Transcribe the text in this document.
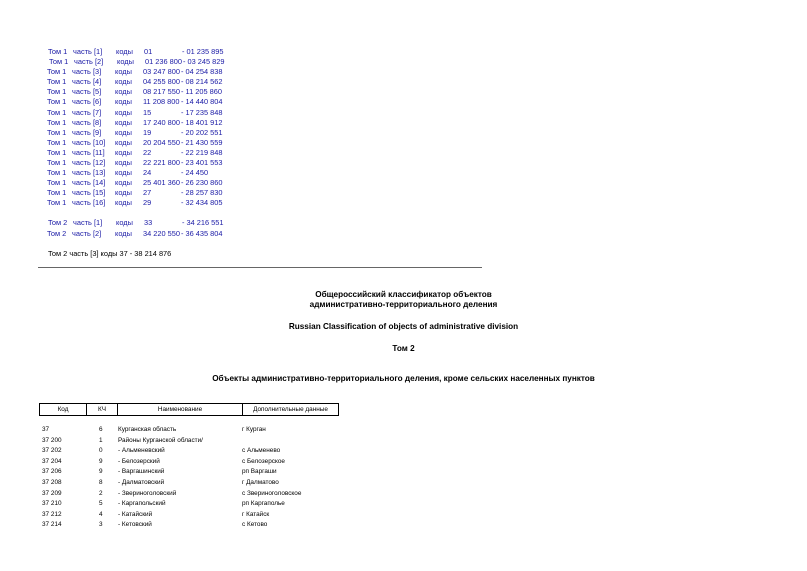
Том 1 часть [1] коды 01	- 01 235 895
Том 1 часть [2] коды 01 236 800 - 03 245 829
Том 1 часть [3] коды 03 247 800 - 04 254 838
Том 1 часть [4] коды 04 255 800 - 08 214 562
Том 1 часть [5] коды 08 217 550 - 11 205 860
Том 1 часть [6] коды 11 208 800 - 14 440 804
Том 1 часть [7] коды 15	- 17 235 848
Том 1 часть [8] коды 17 240 800 - 18 401 912
Том 1 часть [9] коды 19	- 20 202 551
Том 1 часть [10] коды 20 204 550 - 21 430 559
Том 1 часть [11] коды 22	- 22 219 848
Том 1 часть [12] коды 22 221 800 - 23 401 553
Том 1 часть [13] коды 24	- 24 450
Том 1 часть [14] коды 25 401 360 - 26 230 860
Том 1 часть [15] коды 27	- 28 257 830
Том 1 часть [16] коды 29	- 32 434 805
Том 2 часть [1] коды 33	- 34 216 551
Том 2 часть [2] коды 34 220 550 - 36 435 804
Том 2 часть [3] коды 37 - 38 214 876
Общероссийский классификатор объектов
административно-территориального деления
Russian Classification of objects of administrative division
Том 2
Объекты административно-территориального деления, кроме сельских населенных пунктов
Код	КЧ	Наименование	Дополнительные данные
37	6 Курганская область	г Курган
37 200	1 Районы Курганской области/
37 202	0 - Альменевский	с Альменево
37 204	9 - Белозерский	с Белозерское
37 206	9 - Варгашинский	рп Варгаши
37 208	8 - Далматовский	г Далматово
37 209	2 - Звериноголовский	с Звериноголовское
37 210	5 - Каргапольский	рп Каргаполье
37 212	4 - Катайский	г Катайск
37 214	3 - Кетовский	с Кетово
